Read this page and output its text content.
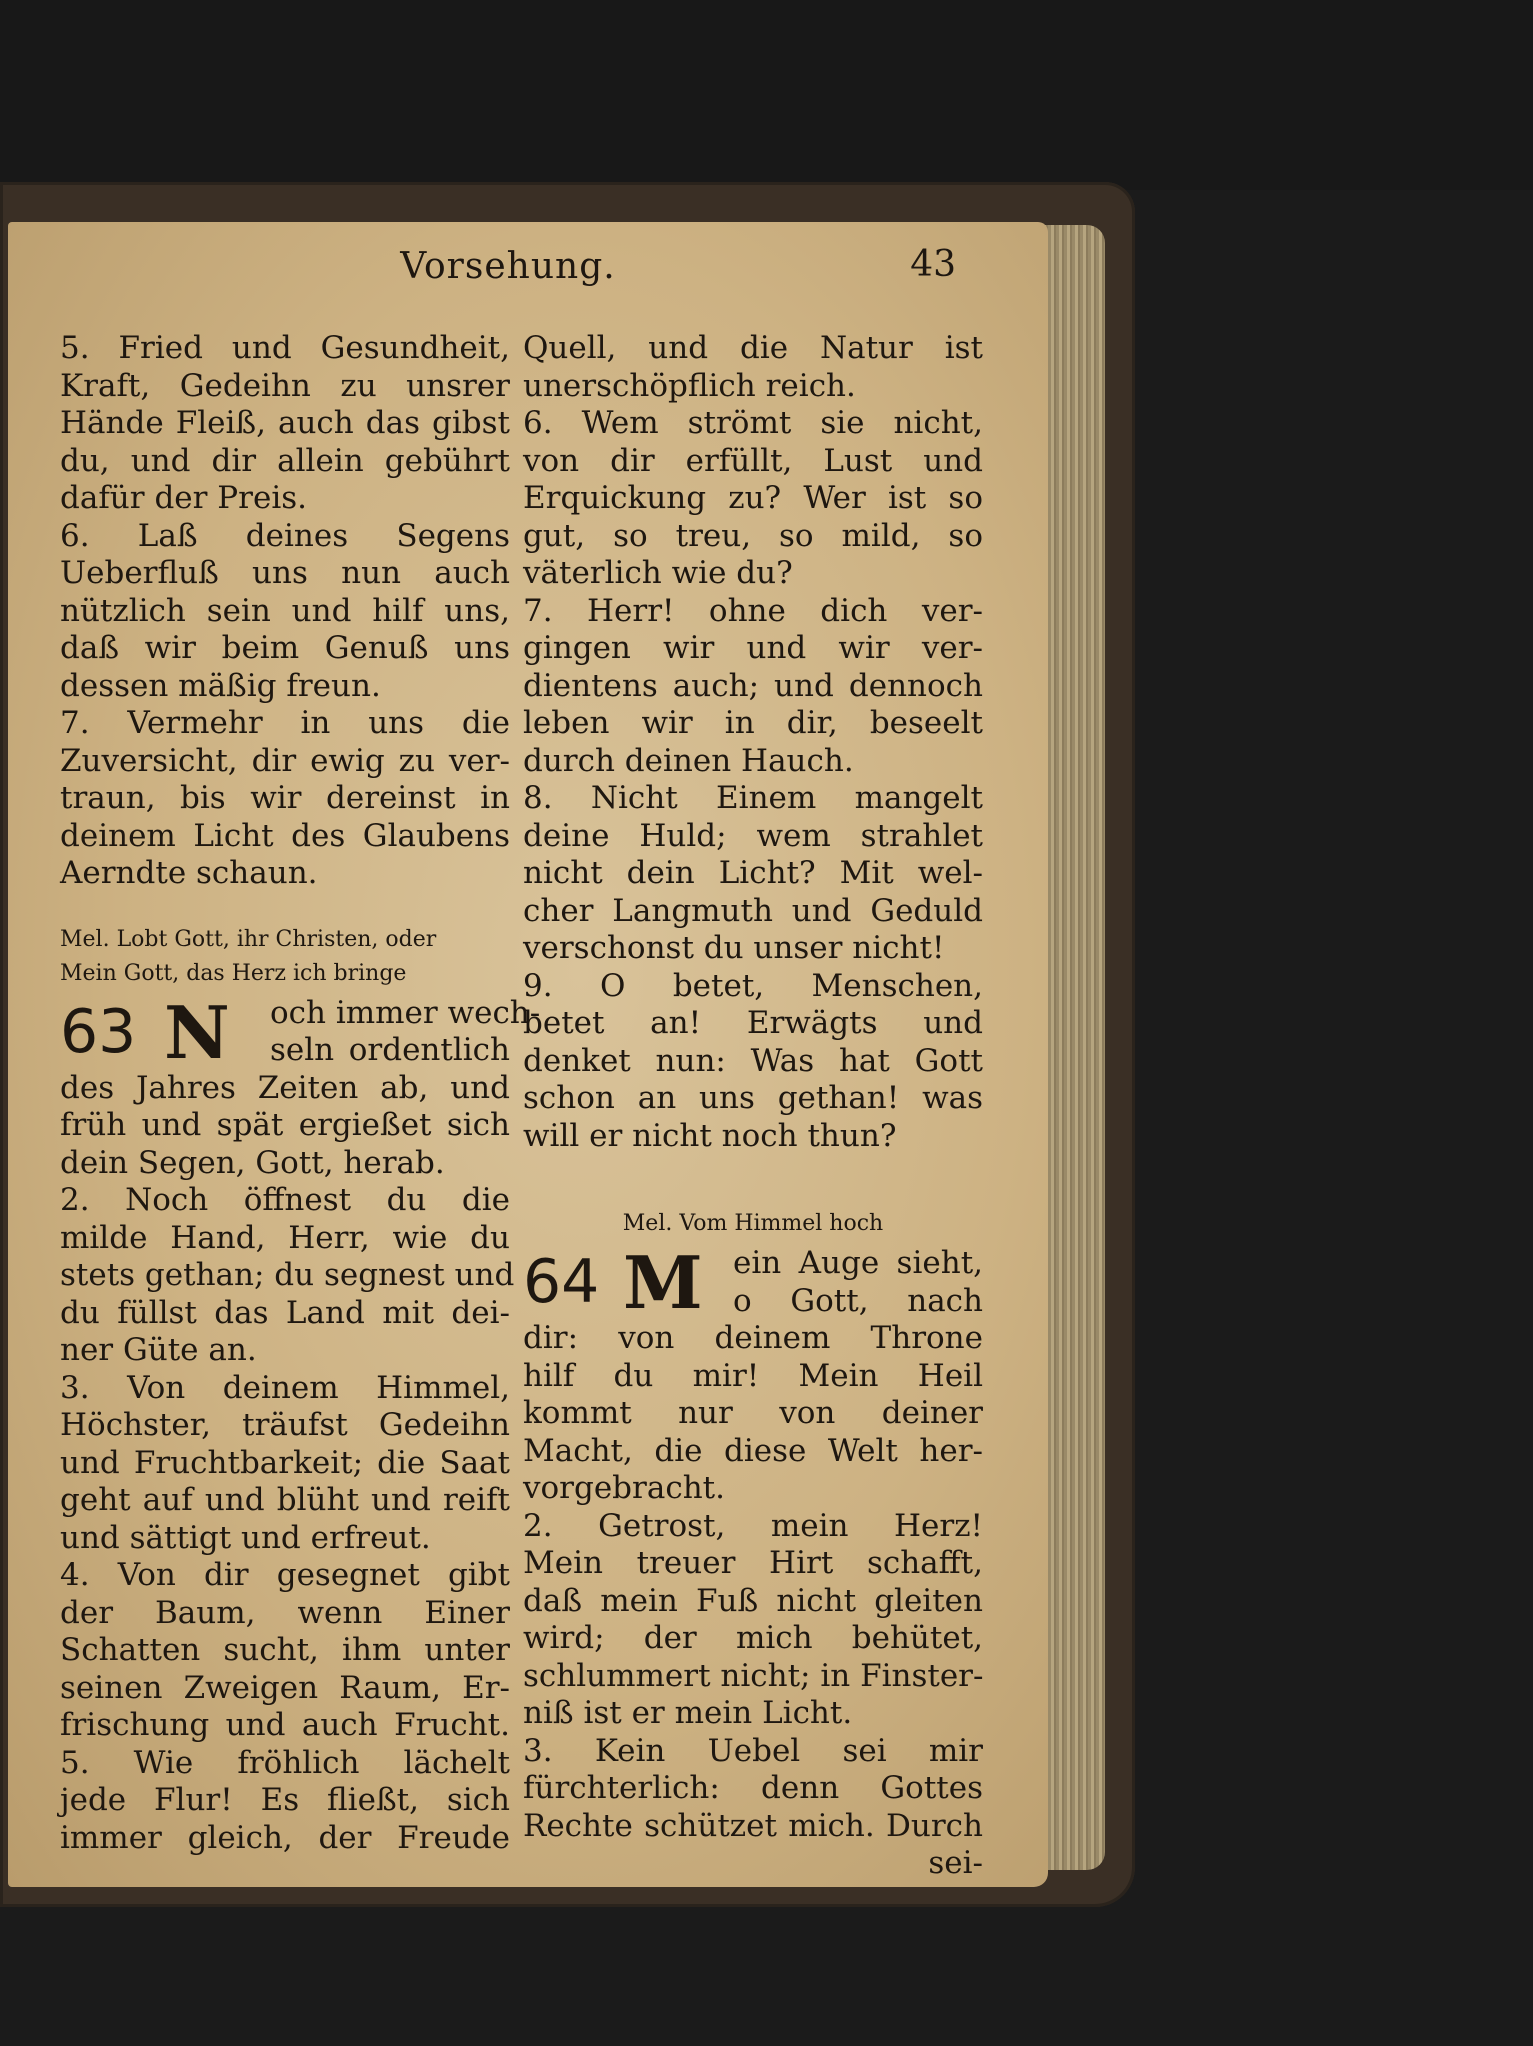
Vorsehung.	43
5. Fried und Gesundheit,
Kraft, Gedeihn zu unsrer
Hände Fleiß, auch das gibst
du, und dir allein gebührt
dafür der Preis.
6. Laß deines Segens
Ueberfluß uns nun auch
nützlich sein und hilf uns,
daß wir beim Genuß uns
dessen mäßig freun.
7. Vermehr in uns die
Zuversicht, dir ewig zu ver-
traun, bis wir dereinst in
deinem Licht des Glaubens
Aerndte schaun.
Mel. Lobt Gott, ihr Christen, oder
Mein Gott, das Herz ich bringe
63 N och immer wech-
seln ordentlich
des Jahres Zeiten ab, und
früh und spät ergießet sich
dein Segen, Gott, herab.
2. Noch öffnest du die
milde Hand, Herr, wie du
stets gethan; du segnest und
du füllst das Land mit dei-
ner Güte an.
3. Von deinem Himmel,
Höchster, träufst Gedeihn
und Fruchtbarkeit; die Saat
geht auf und blüht und reift
und sättigt und erfreut.
4. Von dir gesegnet gibt
der Baum, wenn Einer
Schatten sucht, ihm unter
seinen Zweigen Raum, Er-
frischung und auch Frucht.
5. Wie fröhlich lächelt
jede Flur! Es fließt, sich
immer gleich, der Freude
Quell, und die Natur ist
unerschöpflich reich.
6. Wem strömt sie nicht,
von dir erfüllt, Lust und
Erquickung zu? Wer ist so
gut, so treu, so mild, so
väterlich wie du?
7. Herr! ohne dich ver-
gingen wir und wir ver-
dientens auch; und dennoch
leben wir in dir, beseelt
durch deinen Hauch.
8. Nicht Einem mangelt
deine Huld; wem strahlet
nicht dein Licht? Mit wel-
cher Langmuth und Geduld
verschonst du unser nicht!
9. O betet, Menschen,
betet an! Erwägts und
denket nun: Was hat Gott
schon an uns gethan! was
will er nicht noch thun?
Mel. Vom Himmel hoch
64 M ein Auge sieht,
o Gott, nach
dir: von deinem Throne
hilf du mir! Mein Heil
kommt nur von deiner
Macht, die diese Welt her-
vorgebracht.
2. Getrost, mein Herz!
Mein treuer Hirt schafft,
daß mein Fuß nicht gleiten
wird; der mich behütet,
schlummert nicht; in Finster-
niß ist er mein Licht.
3. Kein Uebel sei mir
fürchterlich: denn Gottes
Rechte schützet mich. Durch
sei-
